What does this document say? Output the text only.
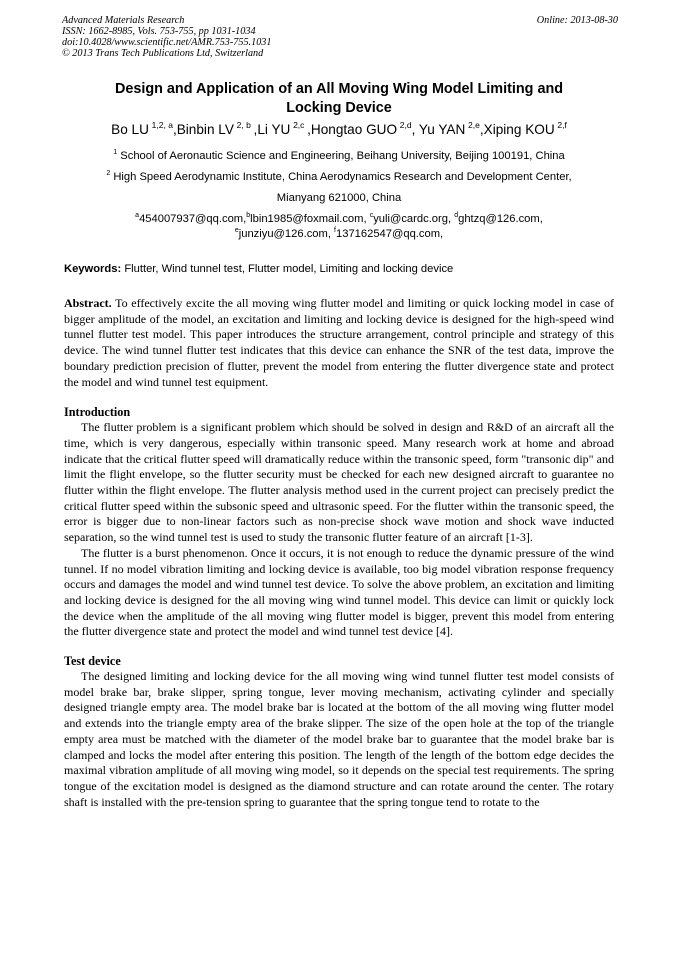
Advanced Materials Research
ISSN: 1662-8985, Vols. 753-755, pp 1031-1034
doi:10.4028/www.scientific.net/AMR.753-755.1031
© 2013 Trans Tech Publications Ltd, Switzerland
Online: 2013-08-30
Design and Application of an All Moving Wing Model Limiting and
Locking Device
Bo LU  $^{1,2, a}$,Binbin LV  $^{2, b}$ ,Li YU  $^{2,c}$ ,Hongtao GUO  $^{2,d}$, Yu YAN  $^{2,e}$,Xiping KOU  $^{2,f}$
$^1$ School of Aeronautic Science and Engineering, Beihang University, Beijing 100191, China
$^2$ High Speed Aerodynamic Institute, China Aerodynamics Research and Development Center,
Mianyang 621000, China
$^a$454007937@qq.com,$^b$lbin1985@foxmail.com, $^c$yuli@cardc.org, $^d$ghtzq@126.com,
$^e$junziyu@126.com, $^f$137162547@qq.com,
Keywords: Flutter, Wind tunnel test, Flutter model, Limiting and locking device

Abstract. To effectively excite the all moving wing flutter model and limiting or quick locking model in case of bigger amplitude of the model, an excitation and limiting and locking device is designed for the high-speed wind tunnel flutter test model. This paper introduces the structure arrangement, control principle and strategy of this device. The wind tunnel flutter test indicates that this device can enhance the SNR of the test data, improve the boundary prediction precision of flutter, prevent the model from entering the flutter divergence state and protect the model and wind tunnel test equipment.

Introduction

The flutter problem is a significant problem which should be solved in design and R&D of an aircraft all the time, which is very dangerous, especially within transonic speed. Many research work at home and abroad indicate that the critical flutter speed will dramatically reduce within the transonic speed, form "transonic dip" and limit the flight envelope, so the flutter security must be checked for each new designed aircraft to guarantee no flutter within the flight envelope. The flutter analysis method used in the current project can precisely predict the critical flutter speed within the subsonic speed and ultrasonic speed. For the flutter within the transonic speed, the error is bigger due to non-linear factors such as non-precise shock wave motion and shock wave inducted separation, so the wind tunnel test is used to study the transonic flutter feature of an aircraft [1-3].

The flutter is a burst phenomenon. Once it occurs, it is not enough to reduce the dynamic pressure of the wind tunnel. If no model vibration limiting and locking device is available, too big model vibration response frequency occurs and damages the model and wind tunnel test device. To solve the above problem, an excitation and limiting and locking device is designed for the all moving wing wind tunnel model. This device can limit or quickly lock the device when the amplitude of the all moving wing flutter model is bigger, prevent this model from entering the flutter divergence state and protect the model and wind tunnel test device [4].

Test device

The designed limiting and locking device for the all moving wing wind tunnel flutter test model consists of model brake bar, brake slipper, spring tongue, lever moving mechanism, activating cylinder and specially designed triangle empty area. The model brake bar is located at the bottom of the all moving wing flutter model and extends into the triangle empty area of the brake slipper. The size of the open hole at the top of the triangle empty area must be matched with the diameter of the model brake bar to guarantee that the model brake bar is clamped and locks the model after entering this position. The length of the length of the bottom edge decides the maximal vibration amplitude of all moving wing model, so it depends on the special test requirements. The spring tongue of the excitation model is designed as the diamond structure and can rotate around the center. The rotary shaft is installed with the pre-tension spring to guarantee that the spring tongue tend to rotate to the
